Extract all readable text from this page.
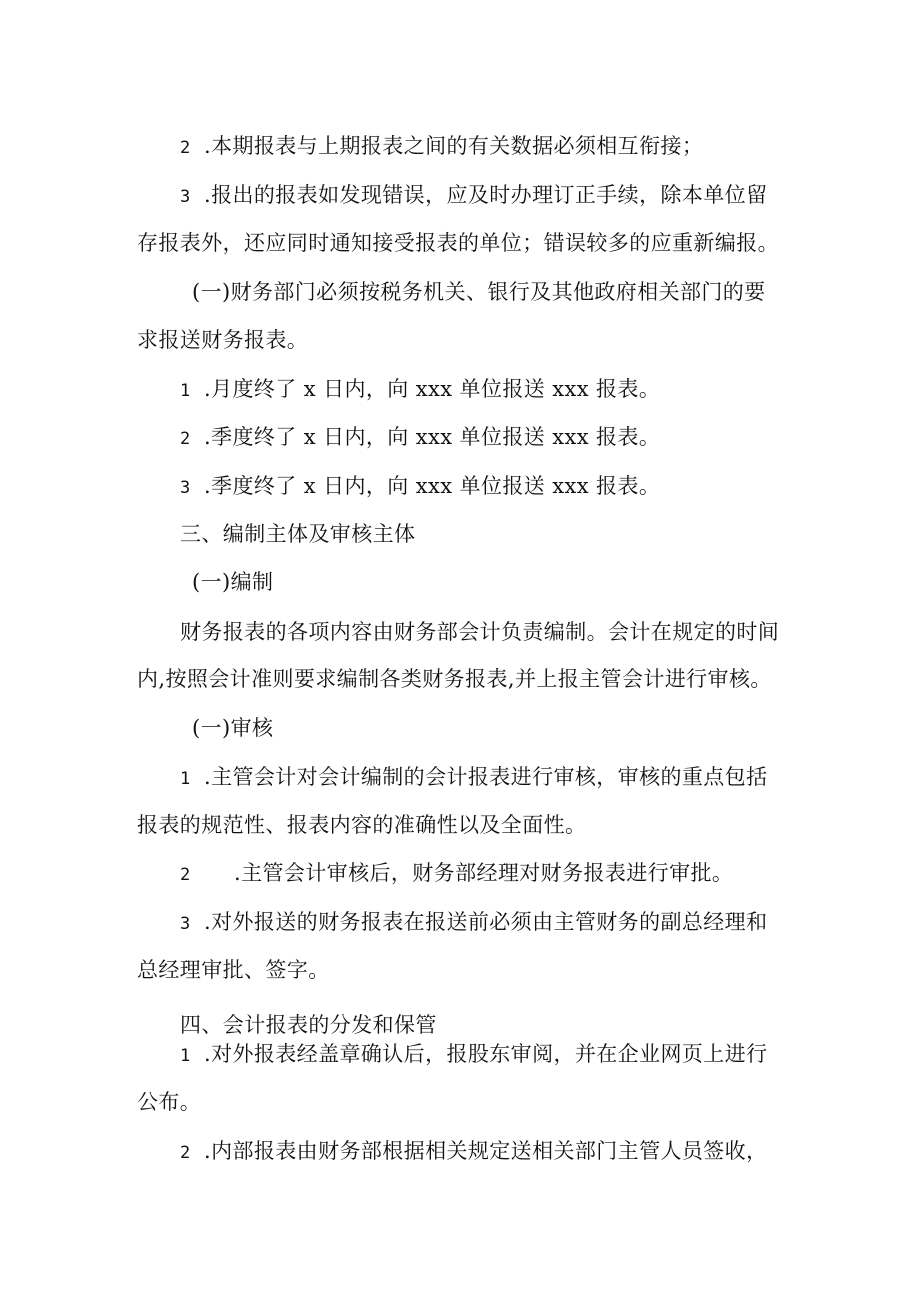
2 .本期报表与上期报表之间的有关数据必须相互衔接；
3 .报出的报表如发现错误，应及时办理订正手续，除本单位留
存报表外，还应同时通知接受报表的单位；错误较多的应重新编报。
(一)财务部门必须按税务机关、银行及其他政府相关部门的要
求报送财务报表。
1 .月度终了 x 日内，向 xxx 单位报送 xxx 报表。
2 .季度终了 x 日内，向 xxx 单位报送 xxx 报表。
3 .季度终了 x 日内，向 xxx 单位报送 xxx 报表。
三、编制主体及审核主体
(一)编制
财务报表的各项内容由财务部会计负责编制。会计在规定的时间
内,按照会计准则要求编制各类财务报表,并上报主管会计进行审核。
(一)审核
1 .主管会计对会计编制的会计报表进行审核，审核的重点包括
报表的规范性、报表内容的准确性以及全面性。
2 .主管会计审核后，财务部经理对财务报表进行审批。
3 .对外报送的财务报表在报送前必须由主管财务的副总经理和
总经理审批、签字。
四、会计报表的分发和保管
1 .对外报表经盖章确认后，报股东审阅，并在企业网页上进行
公布。
2 .内部报表由财务部根据相关规定送相关部门主管人员签收，
